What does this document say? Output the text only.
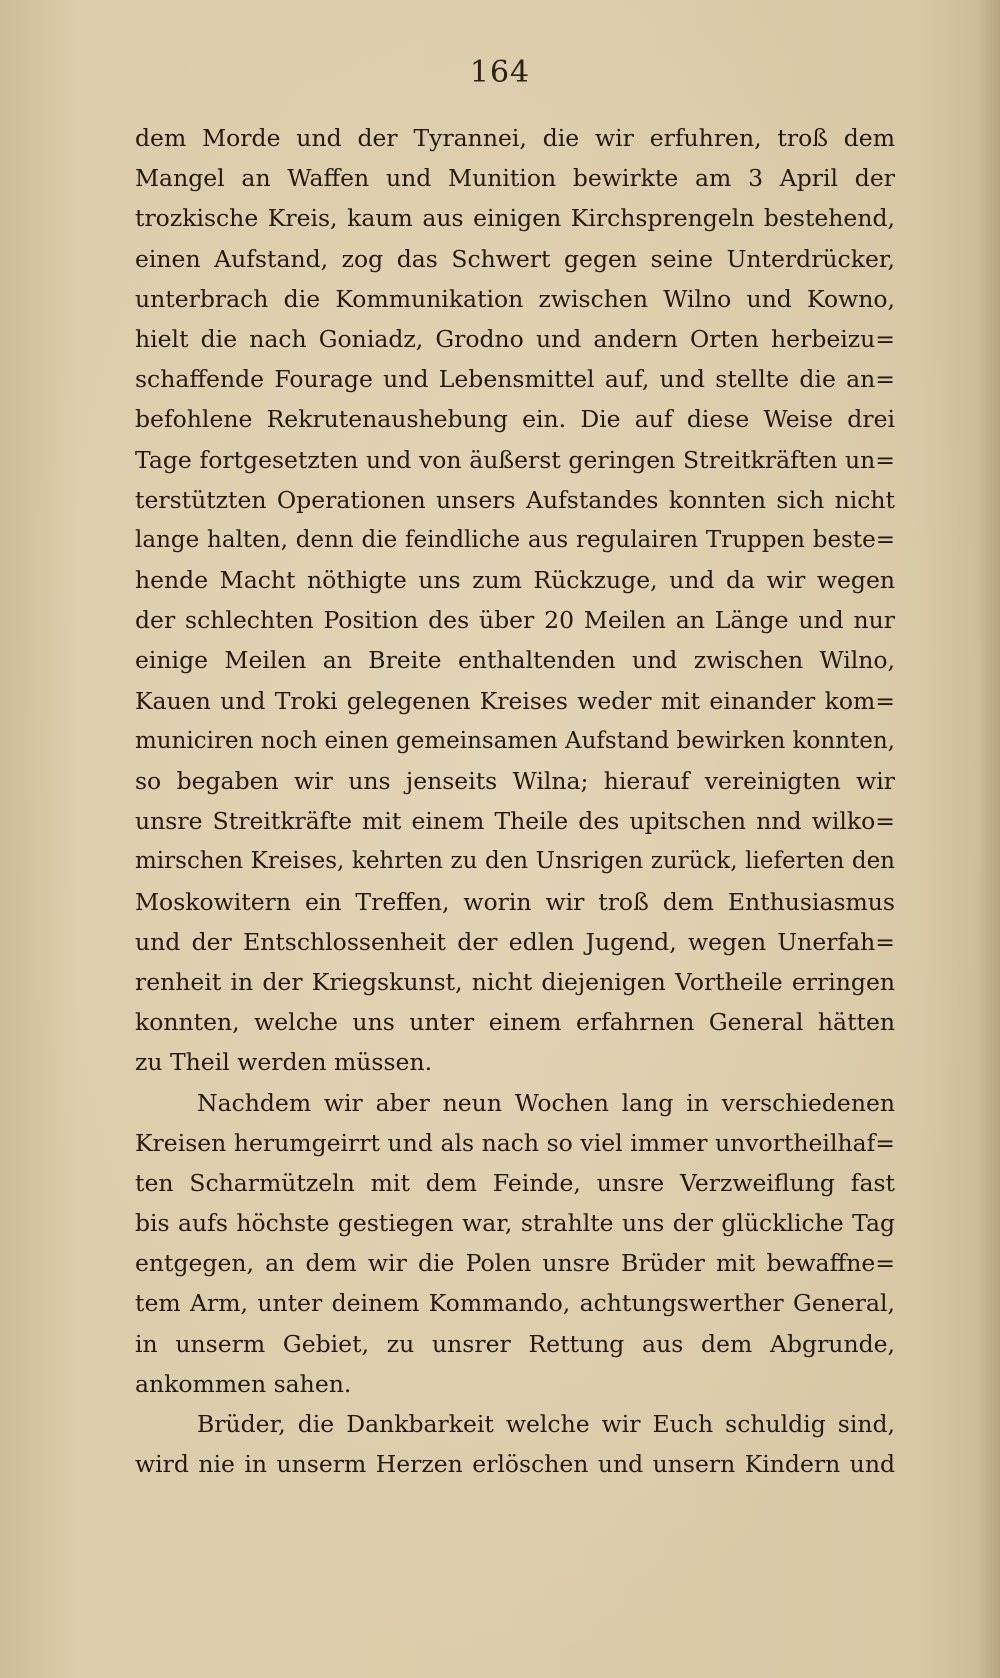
164
dem Morde und der Tyrannei, die wir erfuhren, troß dem
Mangel an Waffen und Munition bewirkte am 3 April der
trozkische Kreis, kaum aus einigen Kirchsprengeln bestehend,
einen Aufstand, zog das Schwert gegen seine Unterdrücker,
unterbrach die Kommunikation zwischen Wilno und Kowno,
hielt die nach Goniadz, Grodno und andern Orten herbeizu=
schaffende Fourage und Lebensmittel auf, und stellte die an=
befohlene Rekrutenaushebung ein. Die auf diese Weise drei
Tage fortgesetzten und von äußerst geringen Streitkräften un=
terstützten Operationen unsers Aufstandes konnten sich nicht
lange halten, denn die feindliche aus regulairen Truppen beste=
hende Macht nöthigte uns zum Rückzuge, und da wir wegen
der schlechten Position des über 20 Meilen an Länge und nur
einige Meilen an Breite enthaltenden und zwischen Wilno,
Kauen und Troki gelegenen Kreises weder mit einander kom=
municiren noch einen gemeinsamen Aufstand bewirken konnten,
so begaben wir uns jenseits Wilna; hierauf vereinigten wir
unsre Streitkräfte mit einem Theile des upitschen nnd wilko=
mirschen Kreises, kehrten zu den Unsrigen zurück, lieferten den
Moskowitern ein Treffen, worin wir troß dem Enthusiasmus
und der Entschlossenheit der edlen Jugend, wegen Unerfah=
renheit in der Kriegskunst, nicht diejenigen Vortheile erringen
konnten, welche uns unter einem erfahrnen General hätten
zu Theil werden müssen.
Nachdem wir aber neun Wochen lang in verschiedenen
Kreisen herumgeirrt und als nach so viel immer unvortheilhaf=
ten Scharmützeln mit dem Feinde, unsre Verzweiflung fast
bis aufs höchste gestiegen war, strahlte uns der glückliche Tag
entgegen, an dem wir die Polen unsre Brüder mit bewaffne=
tem Arm, unter deinem Kommando, achtungswerther General,
in unserm Gebiet, zu unsrer Rettung aus dem Abgrunde,
ankommen sahen.
Brüder, die Dankbarkeit welche wir Euch schuldig sind,
wird nie in unserm Herzen erlöschen und unsern Kindern und
